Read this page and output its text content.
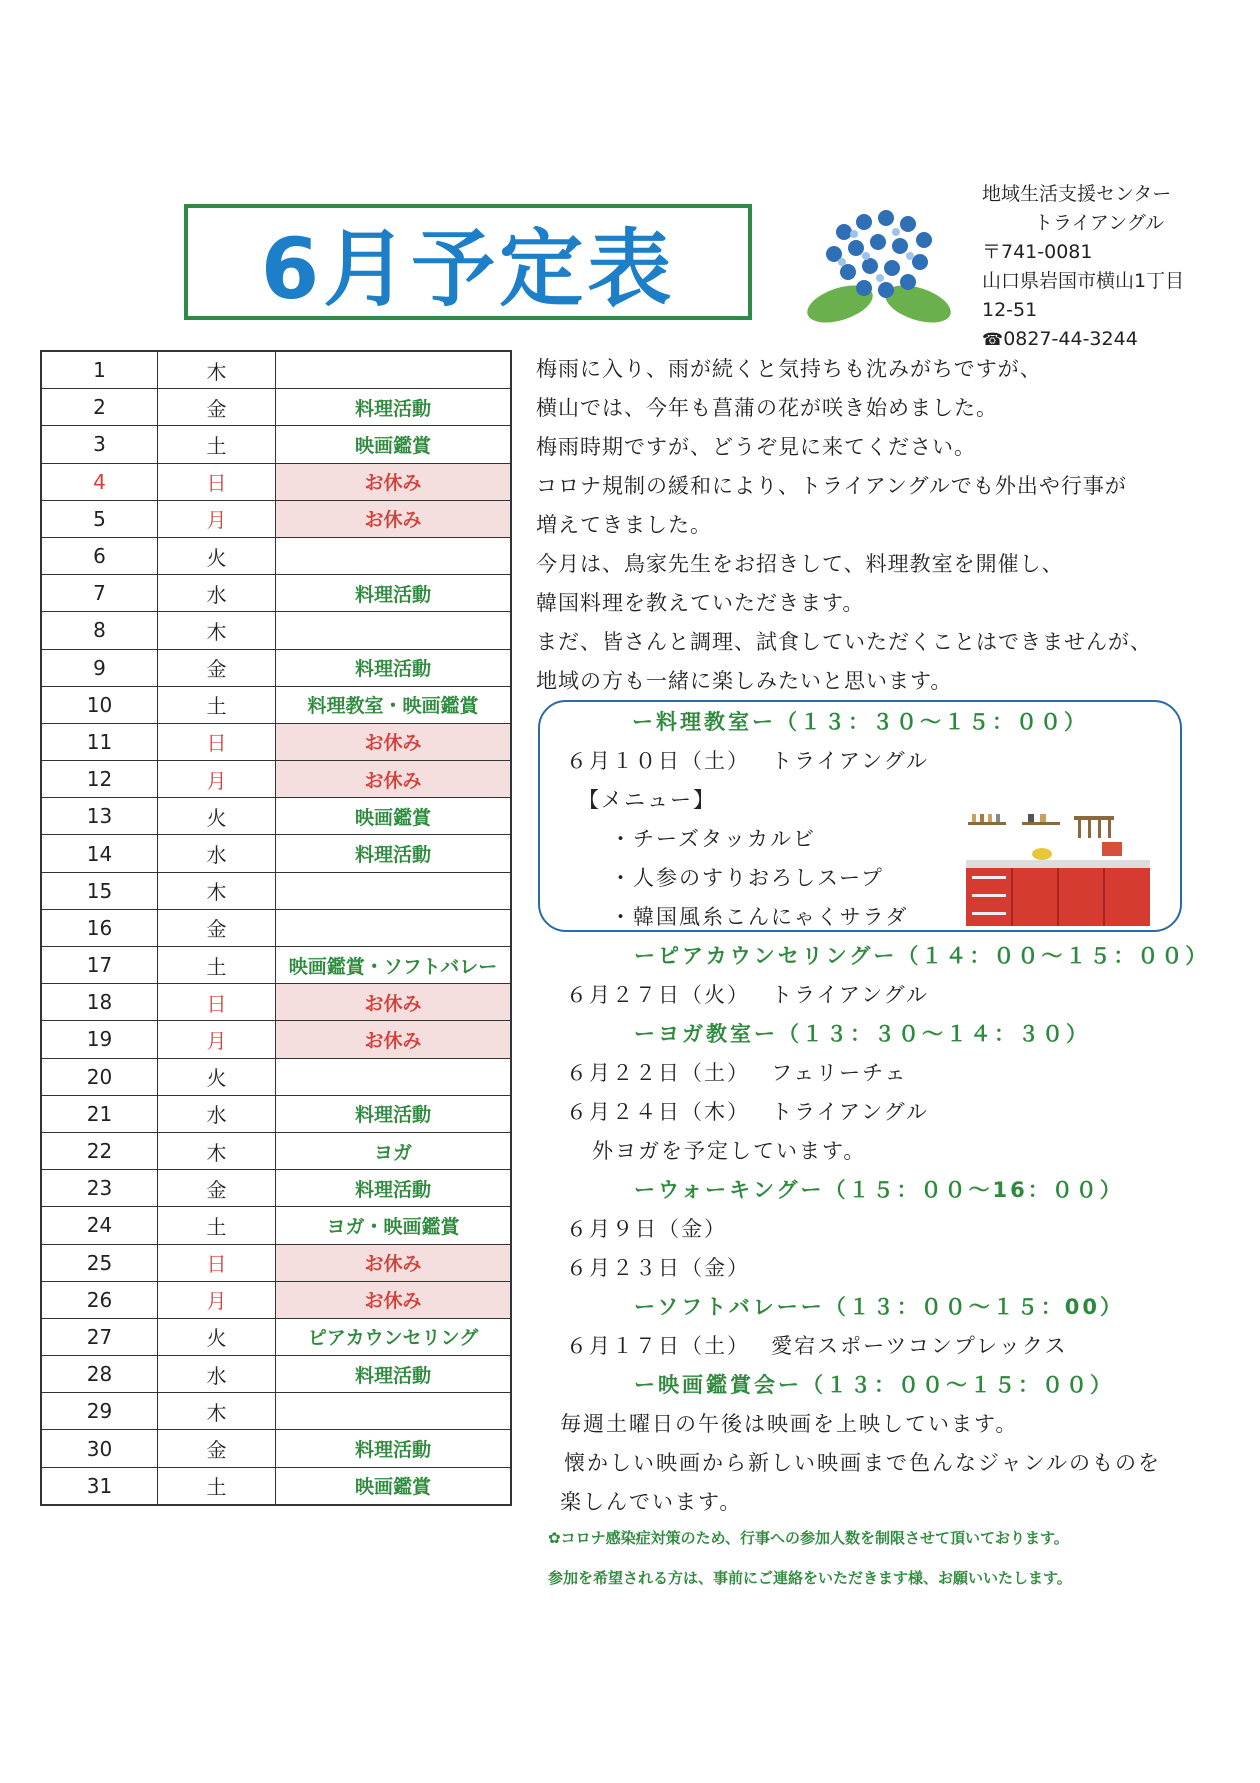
6月予定表
地域生活支援センター
トライアングル
〒741-0081
山口県岩国市横山1丁目
12-51
☎0827-44-3244
1	木	
2	金	料理活動
3	土	映画鑑賞
4	日	お休み
5	月	お休み
6	火	
7	水	料理活動
8	木	
9	金	料理活動
10	土	料理教室・映画鑑賞
11	日	お休み
12	月	お休み
13	火	映画鑑賞
14	水	料理活動
15	木	
16	金	
17	土	映画鑑賞・ソフトバレー
18	日	お休み
19	月	お休み
20	火	
21	水	料理活動
22	木	ヨガ
23	金	料理活動
24	土	ヨガ・映画鑑賞
25	日	お休み
26	月	お休み
27	火	ピアカウンセリング
28	水	料理活動
29	木	
30	金	料理活動
31	土	映画鑑賞
梅雨に入り、雨が続くと気持ちも沈みがちですが、
横山では、今年も菖蒲の花が咲き始めました。
梅雨時期ですが、どうぞ見に来てください。
コロナ規制の緩和により、トライアングルでも外出や行事が
増えてきました。
今月は、鳥家先生をお招きして、料理教室を開催し、
韓国料理を教えていただきます。
まだ、皆さんと調理、試食していただくことはできませんが、
地域の方も一緒に楽しみたいと思います。
ー料理教室ー（１３：３０～１５：００）
６月１０日（土）　 トライアングル
【メニュー】
・チーズタッカルビ
・人参のすりおろしスープ
・韓国風糸こんにゃくサラダ
ーピアカウンセリングー（１４：００～１５：００）
６月２７日（火）　 トライアングル
ーヨガ教室ー（１３：３０～１４：３０）
６月２２日（土）　 フェリーチェ
６月２４日（木）　 トライアングル
外ヨガを予定しています。
ーウォーキングー（１５：００～16：００）
６月９日（金）
６月２３日（金）
ーソフトバレーー（１３：００～１５：00）
６月１７日（土）　 愛宕スポーツコンプレックス
ー映画鑑賞会ー（１３：００～１５：００）
毎週土曜日の午後は映画を上映しています。
懐かしい映画から新しい映画まで色んなジャンルのものを
楽しんでいます。
✿コロナ感染症対策のため、行事への参加人数を制限させて頂いております。
参加を希望される方は、事前にご連絡をいただきます様、お願いいたします。
